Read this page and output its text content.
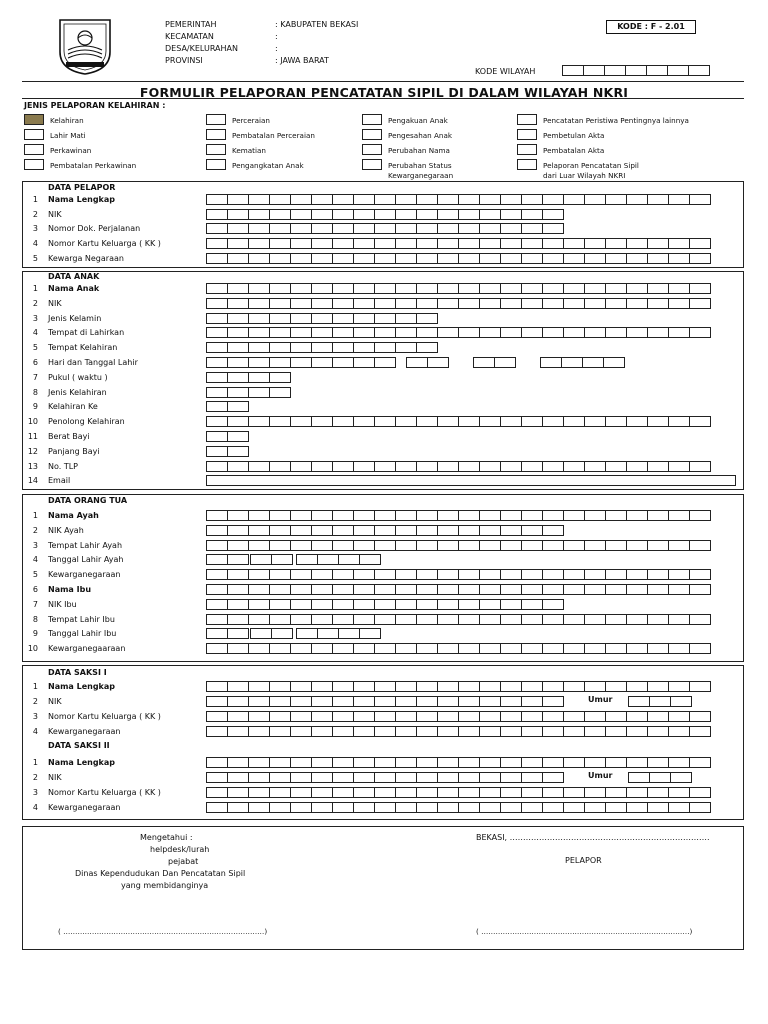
PEMERINTAH	: KABUPATEN BEKASI
KECAMATAN	:
DESA/KELURAHAN	:
PROVINSI	: JAWA BARAT
KODE : F - 2.01
KODE WILAYAH
FORMULIR PELAPORAN PENCATATAN SIPIL DI DALAM WILAYAH NKRI
JENIS PELAPORAN KELAHIRAN :
Kelahiran	Perceraian	Pengakuan Anak	Pencatatan Peristiwa Pentingnya lainnya
Lahir Mati	Pembatalan Perceraian	Pengesahan Anak	Pembetulan Akta
Perkawinan	Kematian	Perubahan Nama	Pembatalan Akta
Pembatalan Perkawinan	Pengangkatan Anak	Perubahan Status	Pelaporan Pencatatan Sipil
Kewarganegaraan	dari Luar Wilayah NKRI
DATA PELAPOR
1 Nama Lengkap
2 NIK
3 Nomor Dok. Perjalanan
4 Nomor Kartu Keluarga ( KK )
5 Kewarga Negaraan
DATA ANAK
1 Nama Anak
2 NIK
3 Jenis Kelamin
4 Tempat di Lahirkan
5 Tempat Kelahiran
6 Hari dan Tanggal Lahir
7 Pukul ( waktu )
8 Jenis Kelahiran
9 Kelahiran Ke
10 Penolong Kelahiran
11 Berat Bayi
12 Panjang Bayi
13 No. TLP
14 Email
DATA ORANG TUA
1 Nama Ayah
2 NIK Ayah
3 Tempat Lahir Ayah
4 Tanggal Lahir Ayah
5 Kewarganegaraan
6 Nama Ibu
7 NIK Ibu
8 Tempat Lahir Ibu
9 Tanggal Lahir Ibu
10 Kewarganegaaraan
DATA SAKSI I
1 Nama Lengkap
2 NIK	Umur
3 Nomor Kartu Keluarga ( KK )
4 Kewarganegaraan
DATA SAKSI II
1 Nama Lengkap
2 NIK	Umur
3 Nomor Kartu Keluarga ( KK )
4 Kewarganegaraan
Mengetahui :
helpdesk/lurah
pejabat
Dinas Kependudukan Dan Pencatatan Sipil
yang membidanginya
BEKASI, …………………………………………………………………
PELAPOR
( …………………………………………………………………………)	( ……………………………………………………………………………)
